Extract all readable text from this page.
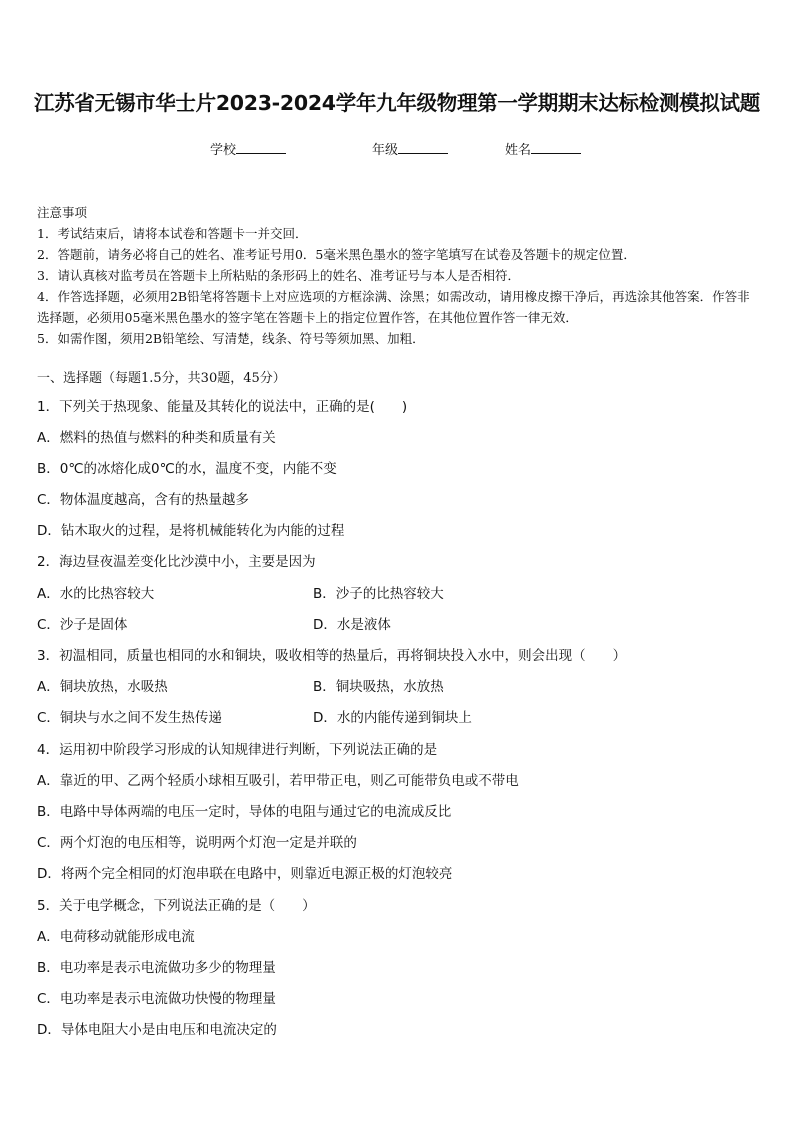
江苏省无锡市华士片2023-2024学年九年级物理第一学期期末达标检测模拟试题
学校	年级	姓名

注意事项

1．考试结束后，请将本试卷和答题卡一并交回．

2．答题前，请务必将自己的姓名、准考证号用0．5毫米黑色墨水的签字笔填写在试卷及答题卡的规定位置．

3．请认真核对监考员在答题卡上所粘贴的条形码上的姓名、准考证号与本人是否相符．

4．作答选择题，必须用2B铅笔将答题卡上对应选项的方框涂满、涂黑；如需改动，请用橡皮擦干净后，再选涂其他答案．作答非选择题，必须用05毫米黑色墨水的签字笔在答题卡上的指定位置作答，在其他位置作答一律无效．

5．如需作图，须用2B铅笔绘、写清楚，线条、符号等须加黑、加粗．

一、选择题（每题1.5分，共30题，45分）
1．下列关于热现象、能量及其转化的说法中，正确的是(　　)
A．燃料的热值与燃料的种类和质量有关
B．0℃的冰熔化成0℃的水，温度不变，内能不变
C．物体温度越高，含有的热量越多
D．钻木取火的过程，是将机械能转化为内能的过程
2．海边昼夜温差变化比沙漠中小，主要是因为
A．水的比热容较大	B．沙子的比热容较大
C．沙子是固体	D．水是液体
3．初温相同，质量也相同的水和铜块，吸收相等的热量后，再将铜块投入水中，则会出现（　　）
A．铜块放热，水吸热	B．铜块吸热，水放热
C．铜块与水之间不发生热传递	D．水的内能传递到铜块上
4．运用初中阶段学习形成的认知规律进行判断，下列说法正确的是
A．靠近的甲、乙两个轻质小球相互吸引，若甲带正电，则乙可能带负电或不带电
B．电路中导体两端的电压一定时，导体的电阻与通过它的电流成反比
C．两个灯泡的电压相等，说明两个灯泡一定是并联的
D．将两个完全相同的灯泡串联在电路中，则靠近电源正极的灯泡较亮
5．关于电学概念，下列说法正确的是（　　）
A．电荷移动就能形成电流
B．电功率是表示电流做功多少的物理量
C．电功率是表示电流做功快慢的物理量
D．导体电阻大小是由电压和电流决定的
